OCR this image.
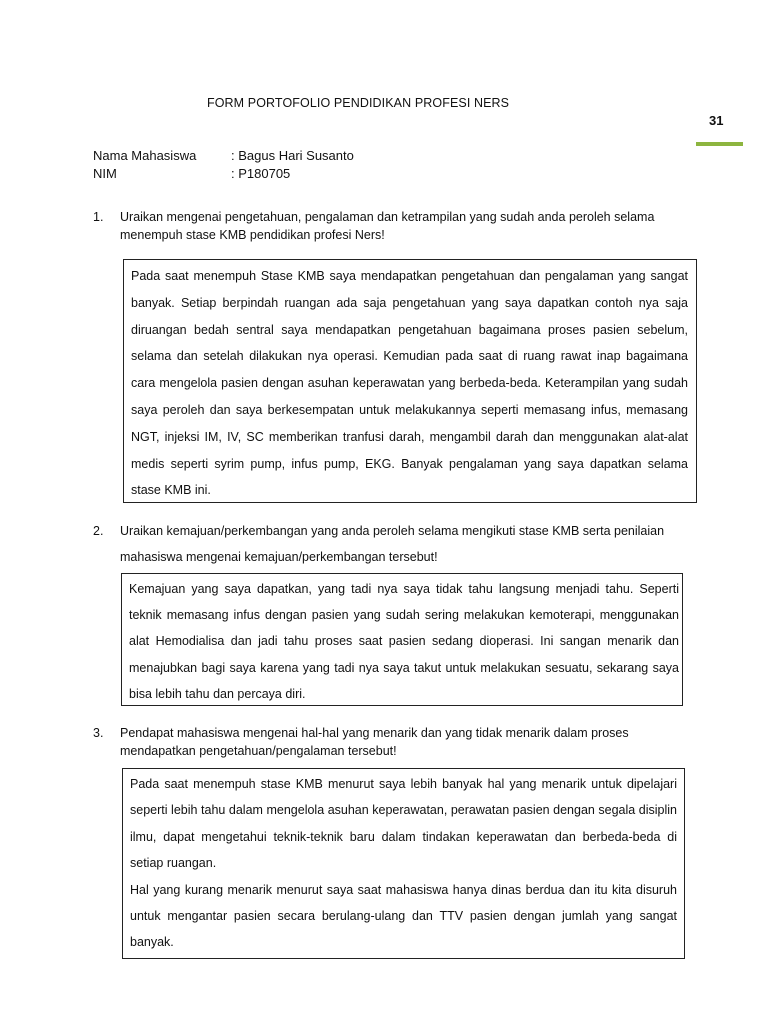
FORM PORTOFOLIO PENDIDIKAN PROFESI NERS
31
Nama Mahasiswa	: Bagus Hari Susanto
NIM	: P180705
1. Uraikan mengenai pengetahuan, pengalaman dan ketrampilan yang sudah anda peroleh selama menempuh stase KMB pendidikan profesi Ners!

Pada saat menempuh Stase KMB saya mendapatkan pengetahuan dan pengalaman yang sangat banyak. Setiap berpindah ruangan ada saja pengetahuan yang saya dapatkan contoh nya saja diruangan bedah sentral saya mendapatkan pengetahuan bagaimana proses pasien sebelum, selama dan setelah dilakukan nya operasi. Kemudian pada saat di ruang rawat inap bagaimana cara mengelola pasien dengan asuhan keperawatan yang berbeda-beda. Keterampilan yang sudah saya peroleh dan saya berkesempatan untuk melakukannya seperti memasang infus, memasang NGT, injeksi IM, IV, SC memberikan tranfusi darah, mengambil darah dan menggunakan alat-alat medis seperti syrim pump, infus pump, EKG. Banyak pengalaman yang saya dapatkan selama stase KMB ini.

2. Uraikan kemajuan/perkembangan yang anda peroleh selama mengikuti stase KMB serta penilaian mahasiswa mengenai kemajuan/perkembangan tersebut!

Kemajuan yang saya dapatkan, yang tadi nya saya tidak tahu langsung menjadi tahu. Seperti teknik memasang infus dengan pasien yang sudah sering melakukan kemoterapi, menggunakan alat Hemodialisa dan jadi tahu proses saat pasien sedang dioperasi. Ini sangan menarik dan menajubkan bagi saya karena yang tadi nya saya takut untuk melakukan sesuatu, sekarang saya bisa lebih tahu dan percaya diri.

3. Pendapat mahasiswa mengenai hal-hal yang menarik dan yang tidak menarik dalam proses mendapatkan pengetahuan/pengalaman tersebut!

Pada saat menempuh stase KMB menurut saya lebih banyak hal yang menarik untuk dipelajari seperti lebih tahu dalam mengelola asuhan keperawatan, perawatan pasien dengan segala disiplin ilmu, dapat mengetahui teknik-teknik baru dalam tindakan keperawatan dan berbeda-beda di setiap ruangan.

Hal yang kurang menarik menurut saya saat mahasiswa hanya dinas berdua dan itu kita disuruh untuk mengantar pasien secara berulang-ulang dan TTV pasien dengan jumlah yang sangat banyak.
